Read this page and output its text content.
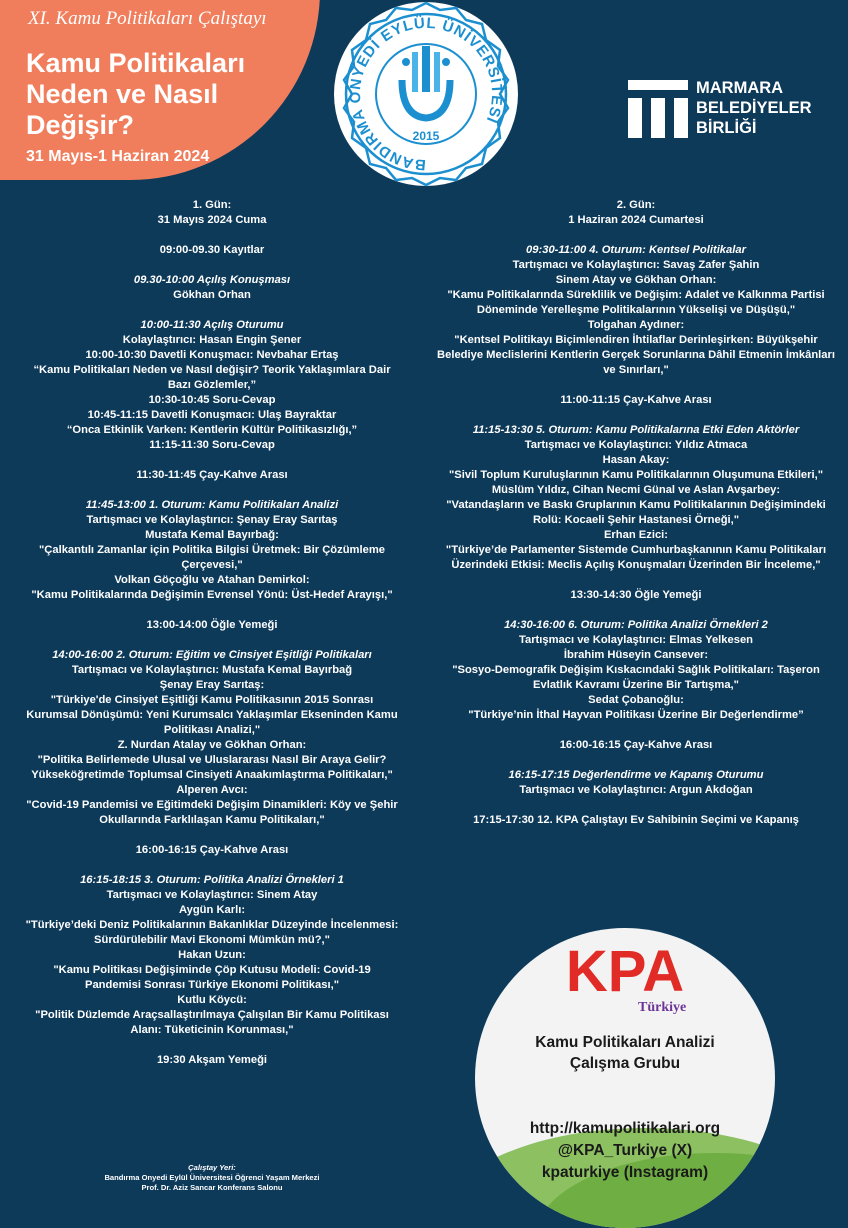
XI. Kamu Politikaları Çalıştayı
Kamu Politikaları
Neden ve Nasıl
Değişir?
31 Mayıs-1 Haziran 2024	BANDIRMA ONYEDİ EYLÜL ÜNİVERSİTESİ
2015
MARMARA
BELEDİYELER
BİRLİĞİ
1. Gün:
31 Mayıs 2024 Cuma
09:00-09.30 Kayıtlar
09.30-10:00 Açılış Konuşması
Gökhan Orhan
10:00-11:30 Açılış Oturumu
Kolaylaştırıcı: Hasan Engin Şener
10:00-10:30 Davetli Konuşmacı: Nevbahar Ertaş
“Kamu Politikaları Neden ve Nasıl değişir? Teorik Yaklaşımlara Dair
Bazı Gözlemler,”
10:30-10:45 Soru-Cevap
10:45-11:15 Davetli Konuşmacı: Ulaş Bayraktar
“Onca Etkinlik Varken: Kentlerin Kültür Politikasızlığı,”
11:15-11:30 Soru-Cevap
11:30-11:45 Çay-Kahve Arası
11:45-13:00 1. Oturum: Kamu Politikaları Analizi
Tartışmacı ve Kolaylaştırıcı: Şenay Eray Sarıtaş
Mustafa Kemal Bayırbağ:
"Çalkantılı Zamanlar için Politika Bilgisi Üretmek: Bir Çözümleme
Çerçevesi,"
Volkan Göçoğlu ve Atahan Demirkol:
"Kamu Politikalarında Değişimin Evrensel Yönü: Üst-Hedef Arayışı,"
13:00-14:00 Öğle Yemeği
14:00-16:00 2. Oturum: Eğitim ve Cinsiyet Eşitliği Politikaları
Tartışmacı ve Kolaylaştırıcı: Mustafa Kemal Bayırbağ
Şenay Eray Sarıtaş:
"Türkiye'de Cinsiyet Eşitliği Kamu Politikasının 2015 Sonrası
Kurumsal Dönüşümü: Yeni Kurumsalcı Yaklaşımlar Ekseninden Kamu
Politikası Analizi,"
Z. Nurdan Atalay ve Gökhan Orhan:
"Politika Belirlemede Ulusal ve Uluslararası Nasıl Bir Araya Gelir?
Yükseköğretimde Toplumsal Cinsiyeti Anaakımlaştırma Politikaları,"
Alperen Avcı:
"Covid-19 Pandemisi ve Eğitimdeki Değişim Dinamikleri: Köy ve Şehir
Okullarında Farklılaşan Kamu Politikaları,"
16:00-16:15 Çay-Kahve Arası
16:15-18:15 3. Oturum: Politika Analizi Örnekleri 1
Tartışmacı ve Kolaylaştırıcı: Sinem Atay
Aygün Karlı:
"Türkiye’deki Deniz Politikalarının Bakanlıklar Düzeyinde İncelenmesi:
Sürdürülebilir Mavi Ekonomi Mümkün mü?,"
Hakan Uzun:
"Kamu Politikası Değişiminde Çöp Kutusu Modeli: Covid-19
Pandemisi Sonrası Türkiye Ekonomi Politikası,"
Kutlu Köycü:
"Politik Düzlemde Araçsallaştırılmaya Çalışılan Bir Kamu Politikası
Alanı: Tüketicinin Korunması,"
19:30 Akşam Yemeği
2. Gün:
1 Haziran 2024 Cumartesi
09:30-11:00 4. Oturum: Kentsel Politikalar
Tartışmacı ve Kolaylaştırıcı: Savaş Zafer Şahin
Sinem Atay ve Gökhan Orhan:
"Kamu Politikalarında Süreklilik ve Değişim: Adalet ve Kalkınma Partisi
Döneminde Yerelleşme Politikalarının Yükselişi ve Düşüşü,"
Tolgahan Aydıner:
"Kentsel Politikayı Biçimlendiren İhtilaflar Derinleşirken: Büyükşehir
Belediye Meclislerini Kentlerin Gerçek Sorunlarına Dâhil Etmenin İmkânları
ve Sınırları,"
11:00-11:15 Çay-Kahve Arası
11:15-13:30 5. Oturum: Kamu Politikalarına Etki Eden Aktörler
Tartışmacı ve Kolaylaştırıcı: Yıldız Atmaca
Hasan Akay:
"Sivil Toplum Kuruluşlarının Kamu Politikalarının Oluşumuna Etkileri,"
Müslüm Yıldız, Cihan Necmi Günal ve Aslan Avşarbey:
"Vatandaşların ve Baskı Gruplarının Kamu Politikalarının Değişimindeki
Rolü: Kocaeli Şehir Hastanesi Örneği,"
Erhan Ezici:
"Türkiye’de Parlamenter Sistemde Cumhurbaşkanının Kamu Politikaları
Üzerindeki Etkisi: Meclis Açılış Konuşmaları Üzerinden Bir İnceleme,"
13:30-14:30 Öğle Yemeği
14:30-16:00 6. Oturum: Politika Analizi Örnekleri 2
Tartışmacı ve Kolaylaştırıcı: Elmas Yelkesen
İbrahim Hüseyin Cansever:
"Sosyo-Demografik Değişim Kıskacındaki Sağlık Politikaları: Taşeron
Evlatlık Kavramı Üzerine Bir Tartışma,"
Sedat Çobanoğlu:
"Türkiye’nin İthal Hayvan Politikası Üzerine Bir Değerlendirme”
16:00-16:15 Çay-Kahve Arası
16:15-17:15 Değerlendirme ve Kapanış Oturumu
Tartışmacı ve Kolaylaştırıcı: Argun Akdoğan
17:15-17:30 12. KPA Çalıştayı Ev Sahibinin Seçimi ve Kapanış
Çalıştay Yeri:
Bandırma Onyedi Eylül Üniversitesi Öğrenci Yaşam Merkezi
Prof. Dr. Aziz Sancar Konferans Salonu
KPA
Türkiye
Kamu Politikaları Analizi
Çalışma Grubu
http://kamupolitikalari.org
@KPA_Turkiye (X)
kpaturkiye (Instagram)
